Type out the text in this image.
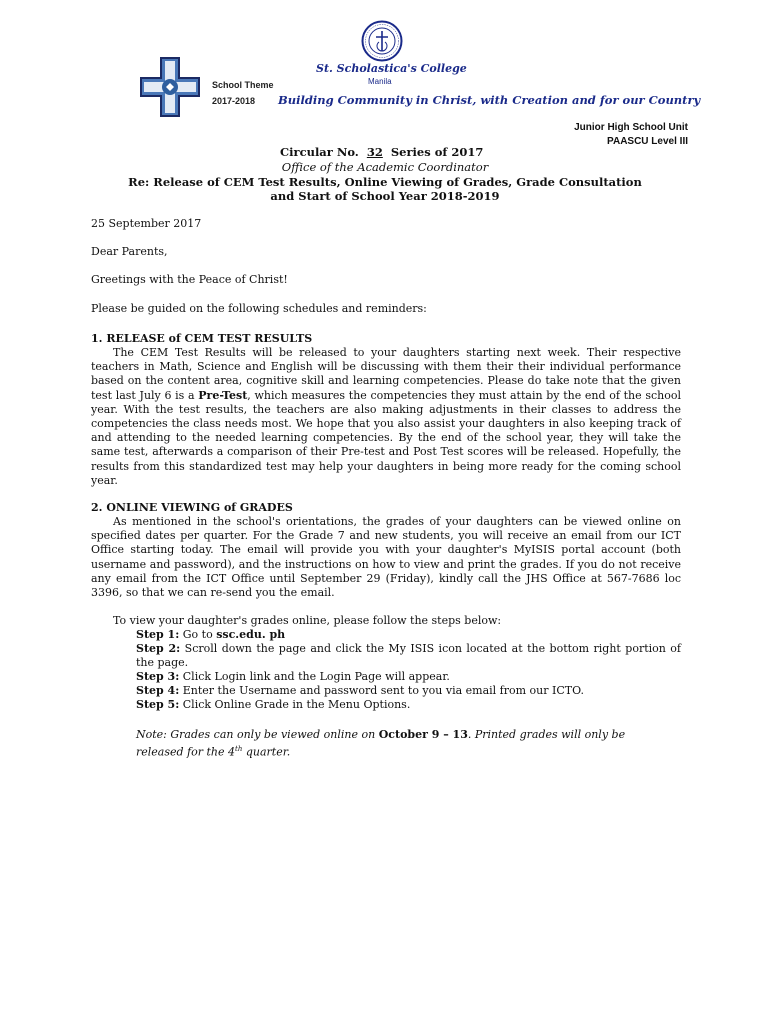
School Theme
2017-2018
St. Scholastica's College
Manila
Building Community in Christ, with Creation and for our Country
Junior High School Unit
PAASCU Level III
Circular No. 32 Series of 2017
Office of the Academic Coordinator
Re: Release of CEM Test Results, Online Viewing of Grades, Grade Consultation
and Start of School Year 2018-2019
25 September 2017
Dear Parents,
Greetings with the Peace of Christ!
Please be guided on the following schedules and reminders:
1. RELEASE of CEM TEST RESULTS
The CEM Test Results will be released to your daughters starting next week. Their respective teachers in Math, Science and English will be discussing with them their their individual performance based on the content area, cognitive skill and learning competencies. Please do take note that the given test last July 6 is a Pre-Test, which measures the competencies they must attain by the end of the school year. With the test results, the teachers are also making adjustments in their classes to address the competencies the class needs most. We hope that you also assist your daughters in also keeping track of and attending to the needed learning competencies. By the end of the school year, they will take the same test, afterwards a comparison of their Pre-test and Post Test scores will be released. Hopefully, the results from this standardized test may help your daughters in being more ready for the coming school year.
2. ONLINE VIEWING of GRADES
As mentioned in the school's orientations, the grades of your daughters can be viewed online on specified dates per quarter. For the Grade 7 and new students, you will receive an email from our ICT Office starting today. The email will provide you with your daughter's MyISIS portal account (both username and password), and the instructions on how to view and print the grades. If you do not receive any email from the ICT Office until September 29 (Friday), kindly call the JHS Office at 567-7686 loc 3396, so that we can re-send you the email.
To view your daughter's grades online, please follow the steps below:
Step 1: Go to ssc.edu. ph
Step 2: Scroll down the page and click the My ISIS icon located at the bottom right portion of the page.
Step 3: Click Login link and the Login Page will appear.
Step 4: Enter the Username and password sent to you via email from our ICTO.
Step 5: Click Online Grade in the Menu Options.
Note: Grades can only be viewed online on October 9 – 13. Printed grades will only be released for the 4th quarter.
